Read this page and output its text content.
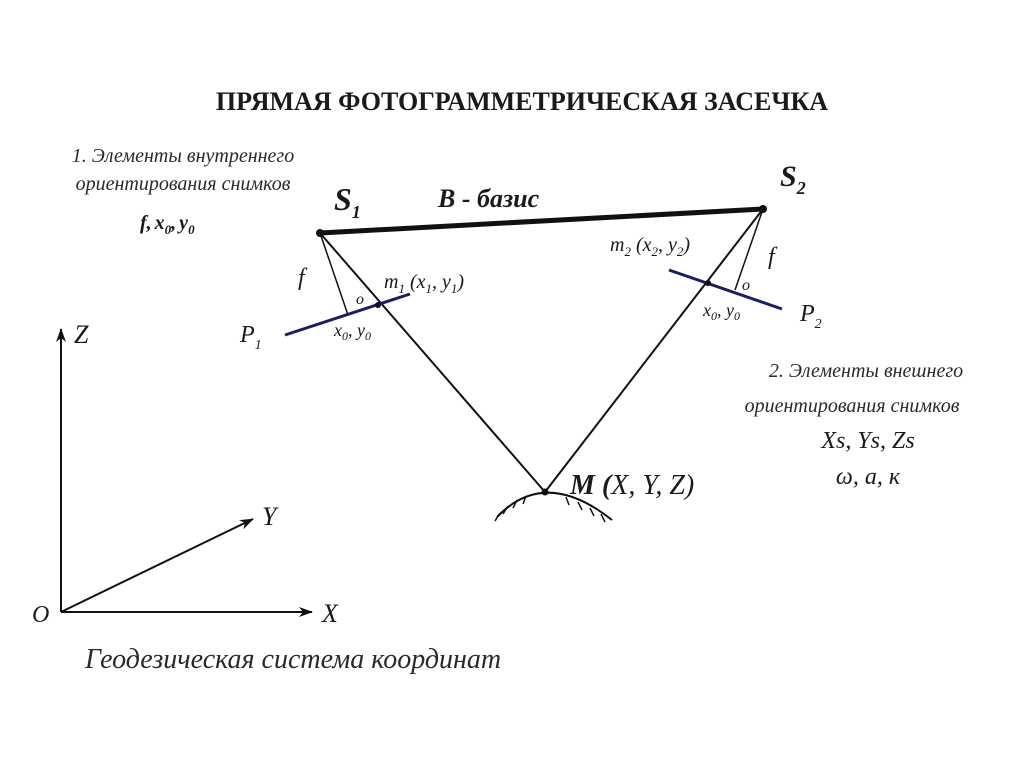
ПРЯМАЯ ФОТОГРАММЕТРИЧЕСКАЯ ЗАСЕЧКА
1. Элементы внутреннего
ориентирования снимков
f, $x_0$, $y_0$
$S_1$
$S_2$
B - базис
f
f
o
o
$m_1$ ($x_1$, $y_1$)
$m_2$ ($x_2$, $y_2$)
$x_0$, $y_0$
$x_0$, $y_0$
$P_1$
$P_2$
M (X, Y, Z)
2. Элементы внешнего
ориентирования снимков
Xs, Ys, Zs
ω, a, к
Z
Y
X
O
Геодезическая система координат
